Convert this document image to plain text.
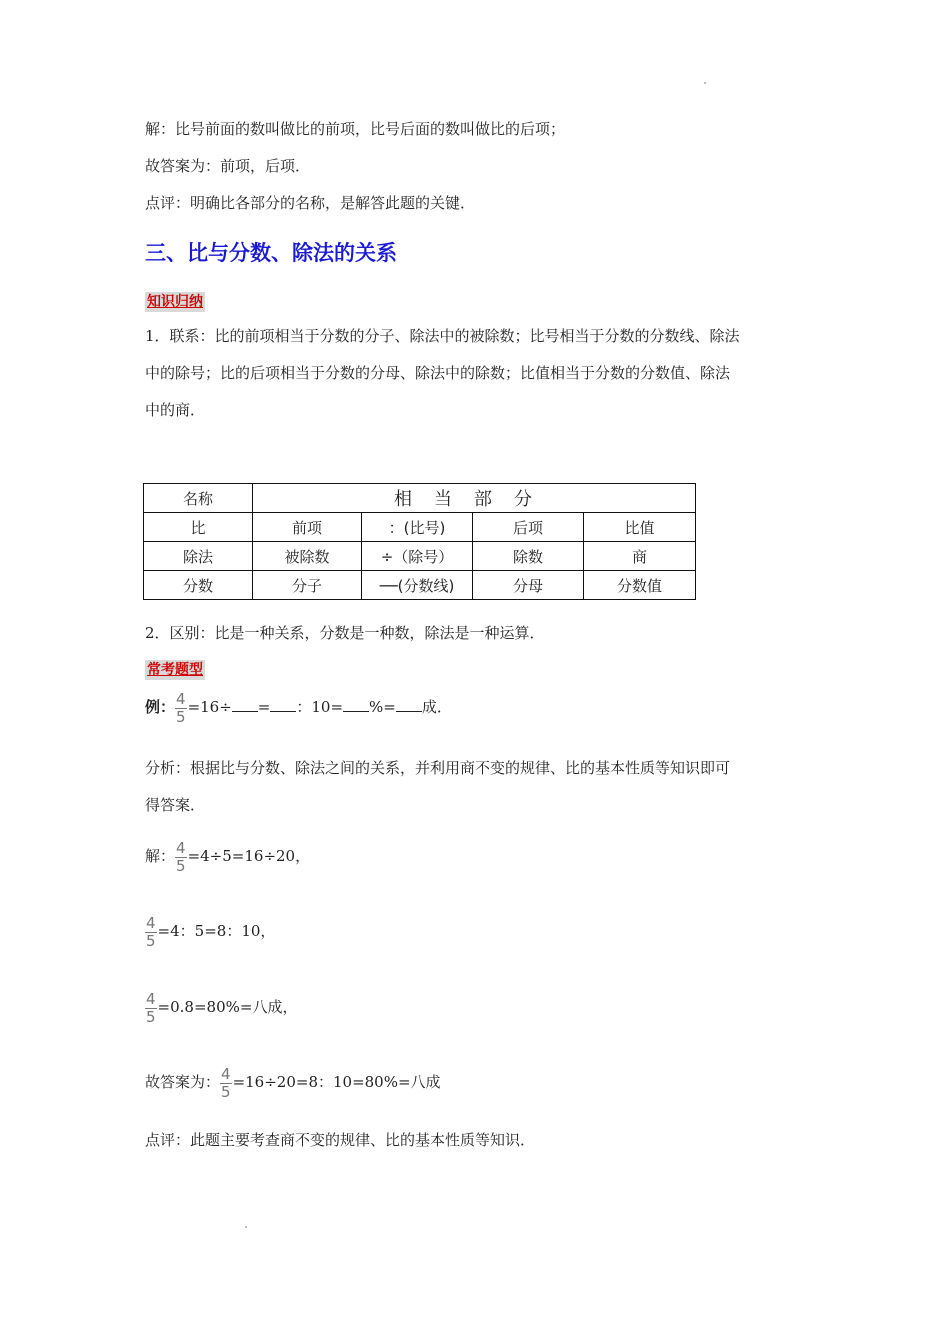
解：比号前面的数叫做比的前项，比号后面的数叫做比的后项；
故答案为：前项，后项．
点评：明确比各部分的名称，是解答此题的关键．
三、比与分数、除法的关系
知识归纳
1．联系：比的前项相当于分数的分子、除法中的被除数；比号相当于分数的分数线、除法
中的除号；比的后项相当于分数的分母、除法中的除数；比值相当于分数的分数值、除法
中的商．
名称	相当部分			
比	前项	：(比号)	后项	比值
除法	被除数	÷（除号）	除数	商
分数	分子	──(分数线)	分母	分数值
2．区别：比是一种关系，分数是一种数，除法是一种运算．
常考题型
例： $\frac{4}{5} =16\div$ = ：10= %= 成．
分析：根据比与分数、除法之间的关系，并利用商不变的规律、比的基本性质等知识即可
得答案．
解： $\frac{4}{5} =4\div 5=16\div 20$，
$\frac{4}{5} =4$：5=8：10，
$\frac{4}{5} =0.8=80\%=$八成，
故答案为： $\frac{4}{5} =16\div 20=8$：10=80%=八成
点评：此题主要考查商不变的规律、比的基本性质等知识．
